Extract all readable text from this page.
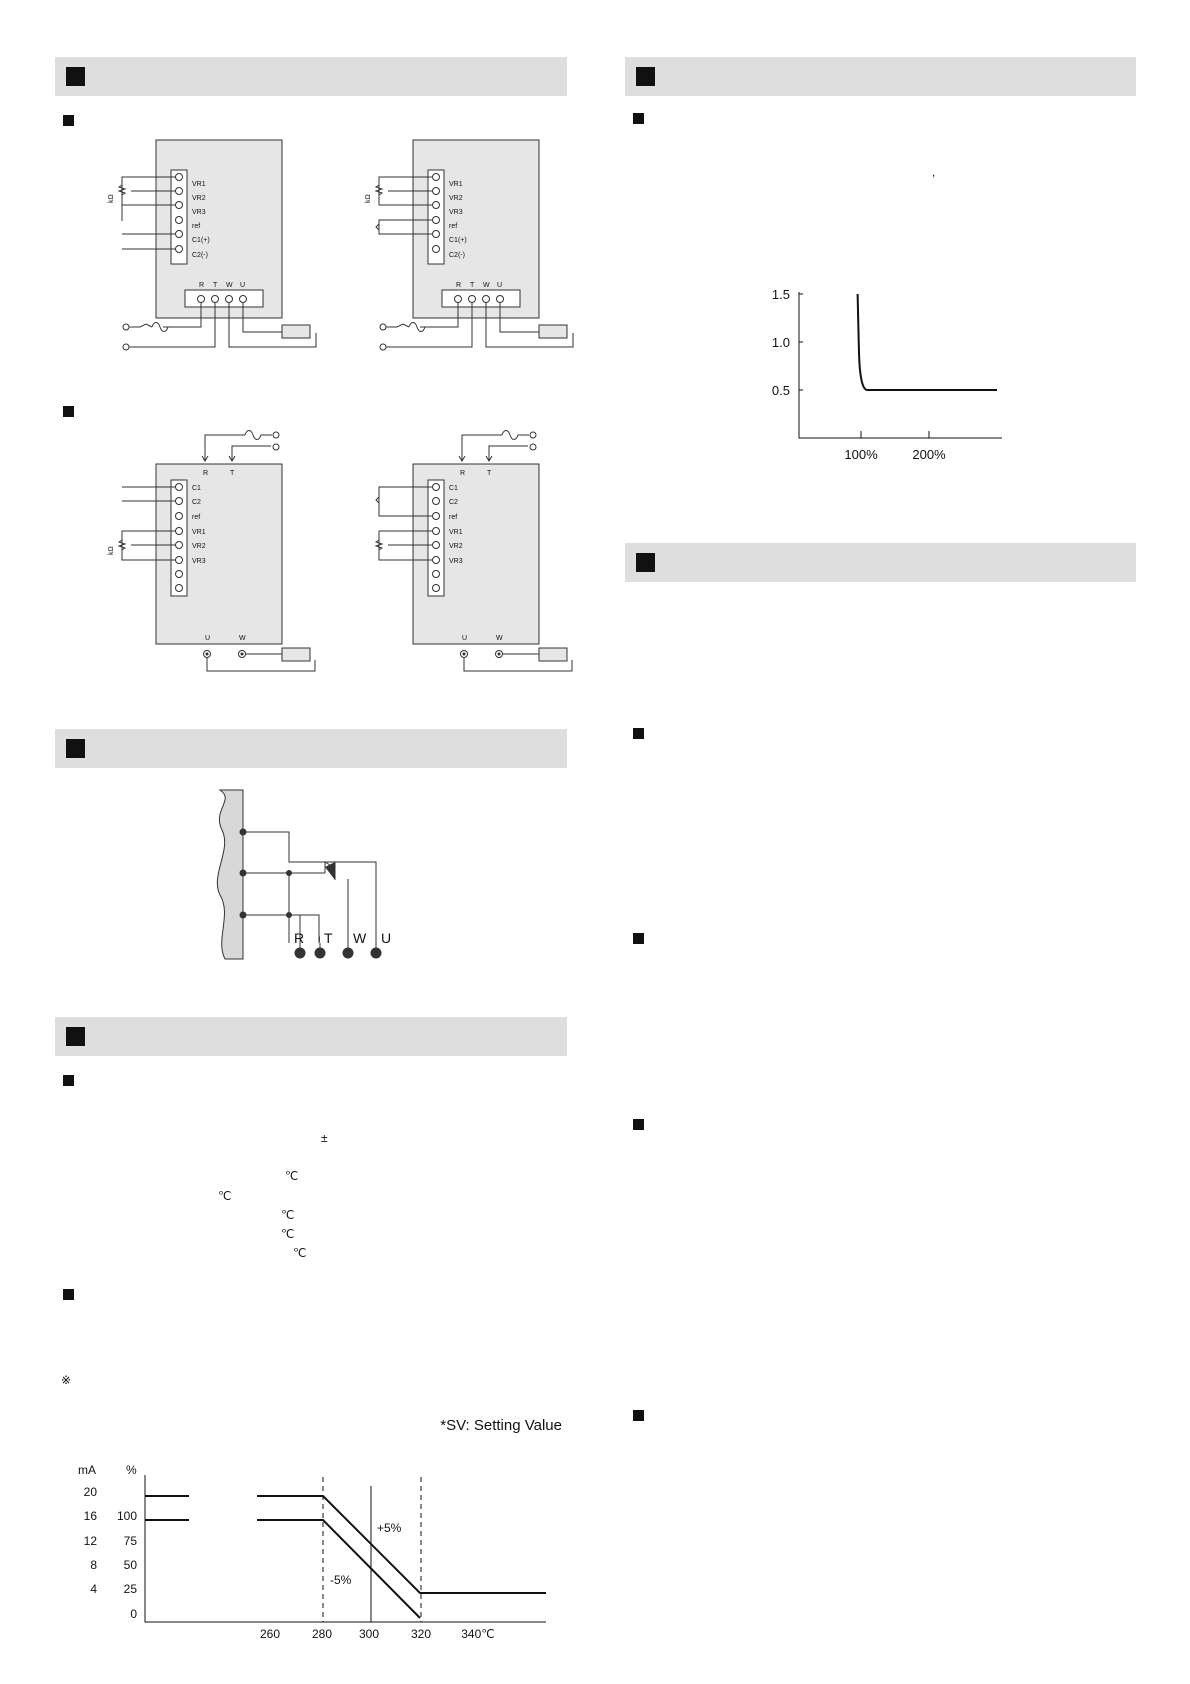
VR1
VR2
VR3
ref
C1(+)
C2(-)
R T W U
kΩ
VR1
VR2
VR3
ref
C1(+)
C2(-)
R T W U
kΩ
C1
C2
ref
VR1
VR2
VR3
R	T
U	W
kΩ
C1
C2
ref
VR1
VR2
VR3
R	T
U	W
R T W U
±
℃
℃
℃
℃
℃
※
,
*SV: Setting Value
mA	%
20
16
12
8
4
100
75
50
25
0
260	280 300	320	340℃
+5%
-5%
1.5
1.0
0.5
100%	200%
